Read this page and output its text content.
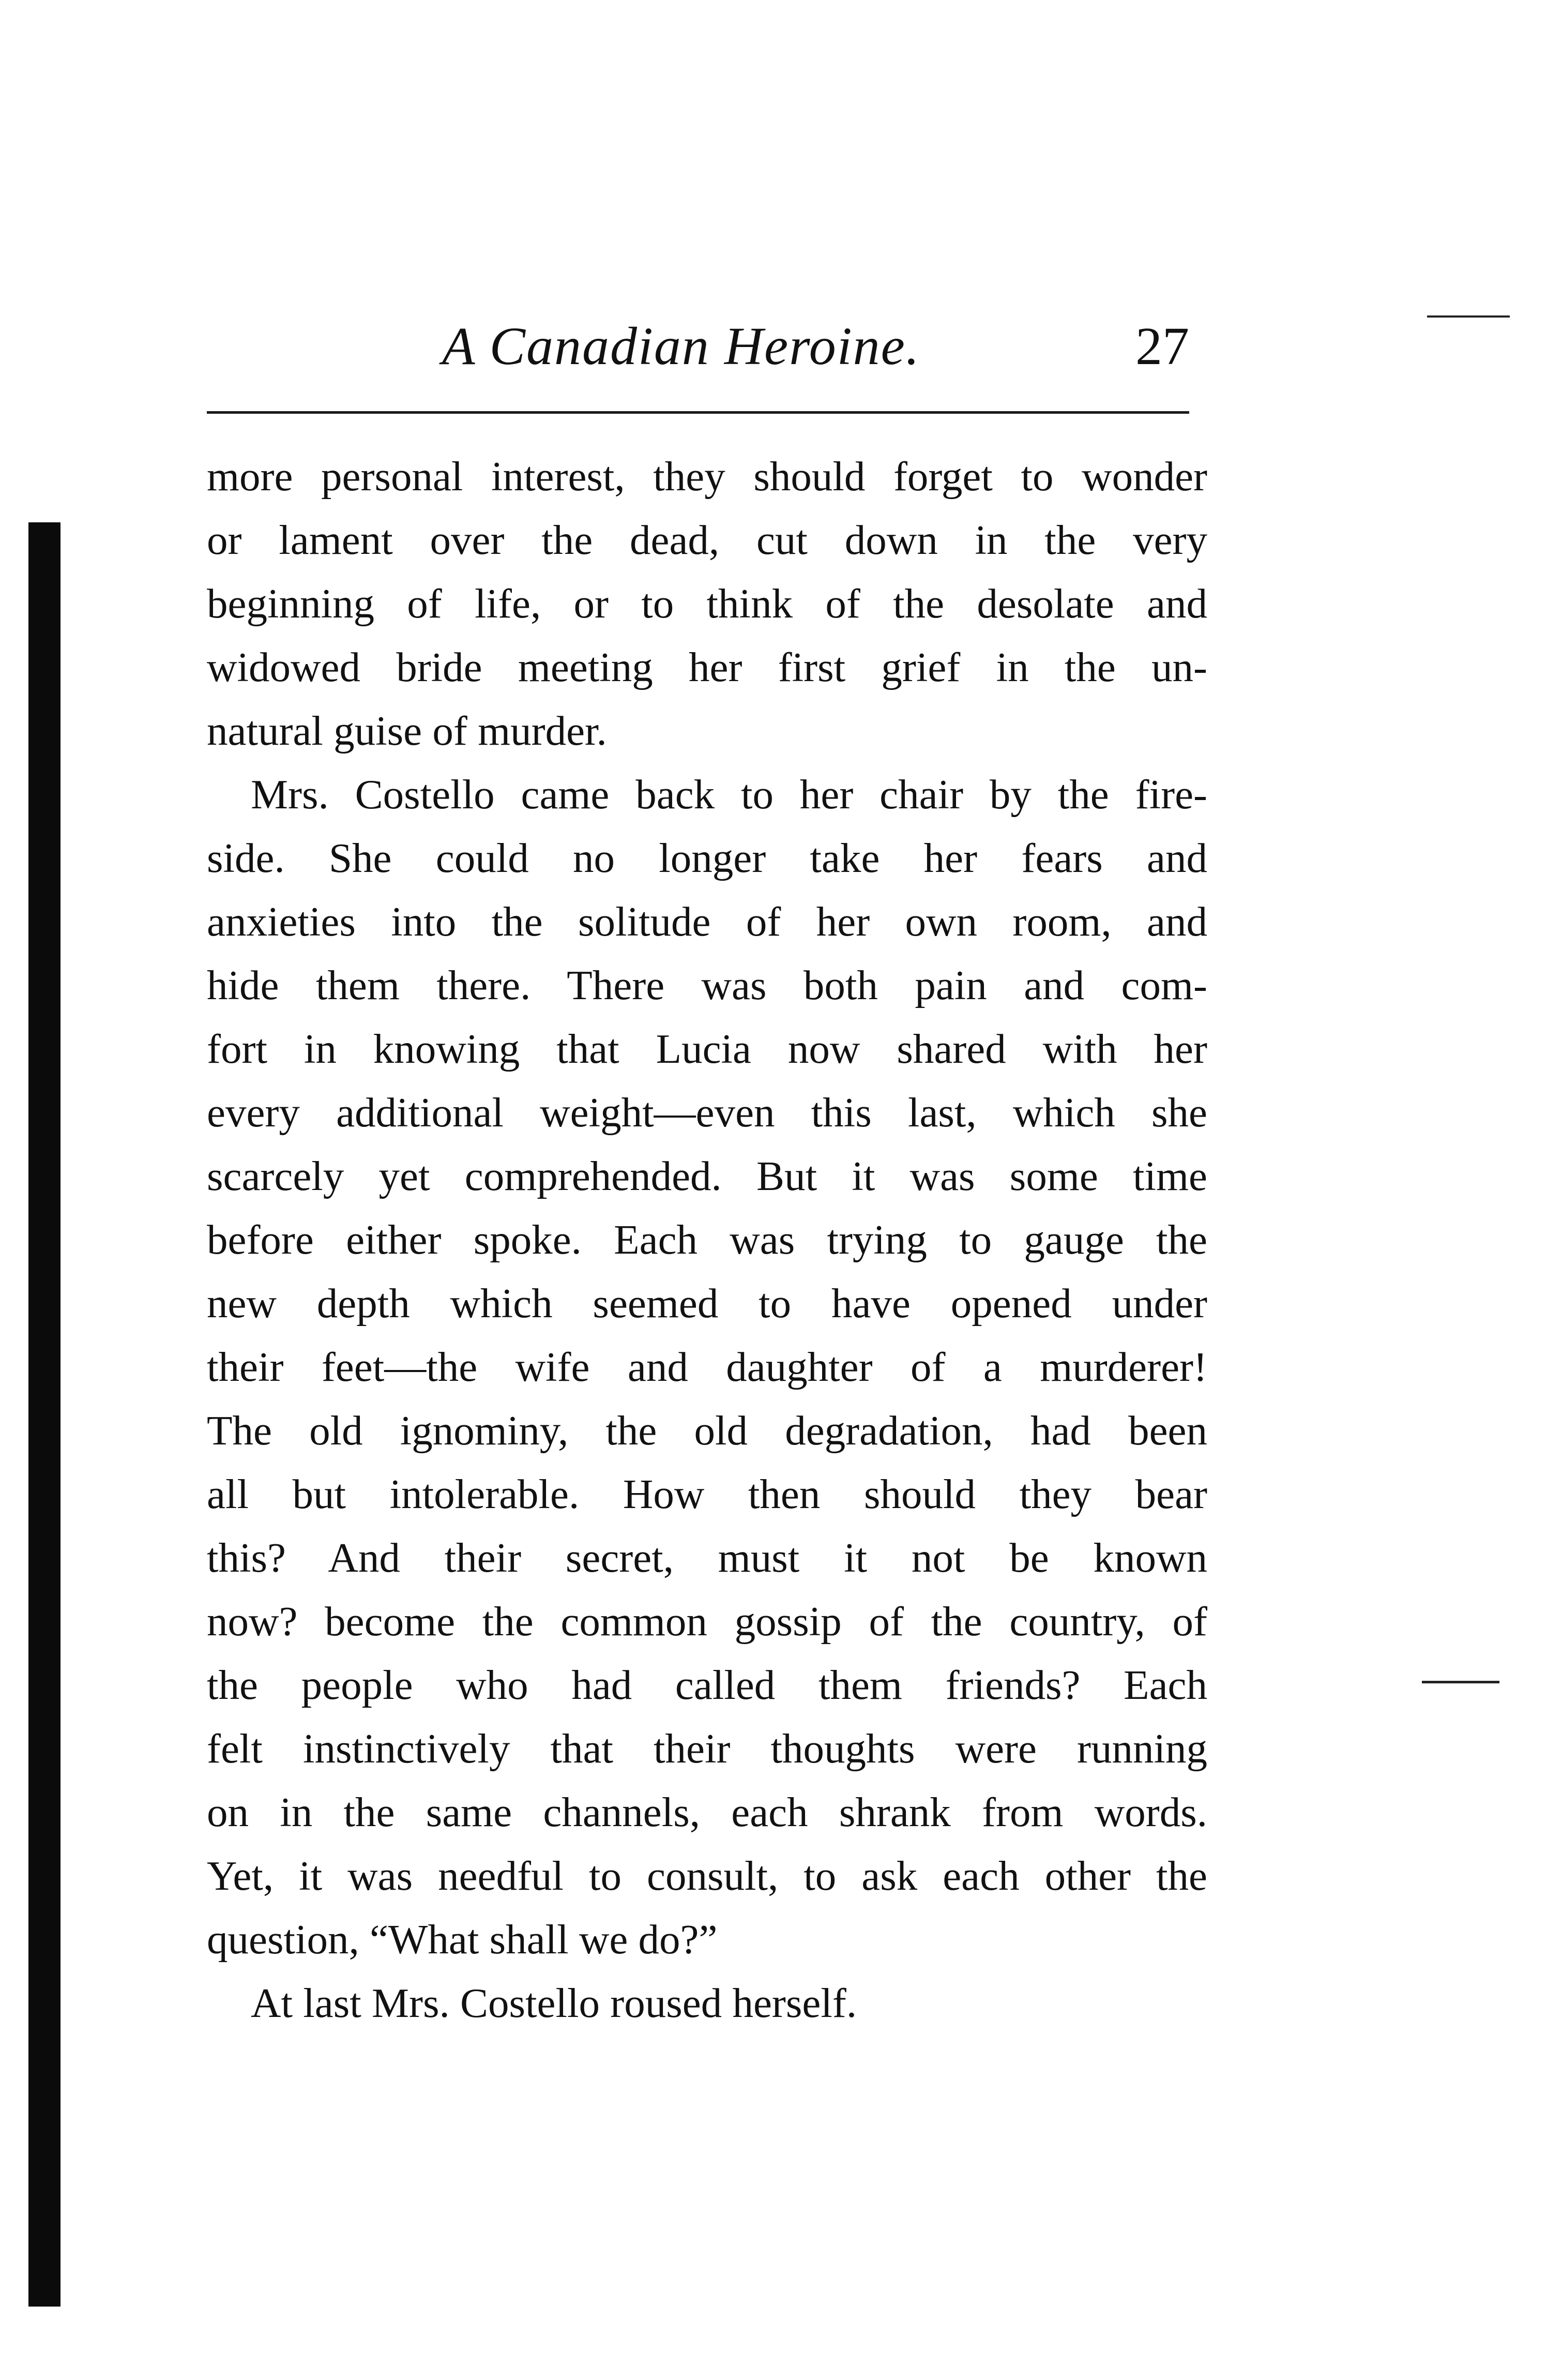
A Canadian Heroine.	27
more personal interest, they should forget to wonder
or lament over the dead, cut down in the very
beginning of life, or to think of the desolate and
widowed bride meeting her first grief in the un-
natural guise of murder.
Mrs. Costello came back to her chair by the fire-
side. She could no longer take her fears and
anxieties into the solitude of her own room, and
hide them there. There was both pain and com-
fort in knowing that Lucia now shared with her
every additional weight—even this last, which she
scarcely yet comprehended. But it was some time
before either spoke. Each was trying to gauge the
new depth which seemed to have opened under
their feet—the wife and daughter of a murderer!
The old ignominy, the old degradation, had been
all but intolerable. How then should they bear
this? And their secret, must it not be known
now? become the common gossip of the country, of
the people who had called them friends? Each
felt instinctively that their thoughts were running
on in the same channels, each shrank from words.
Yet, it was needful to consult, to ask each other the
question, “What shall we do?”
At last Mrs. Costello roused herself.
